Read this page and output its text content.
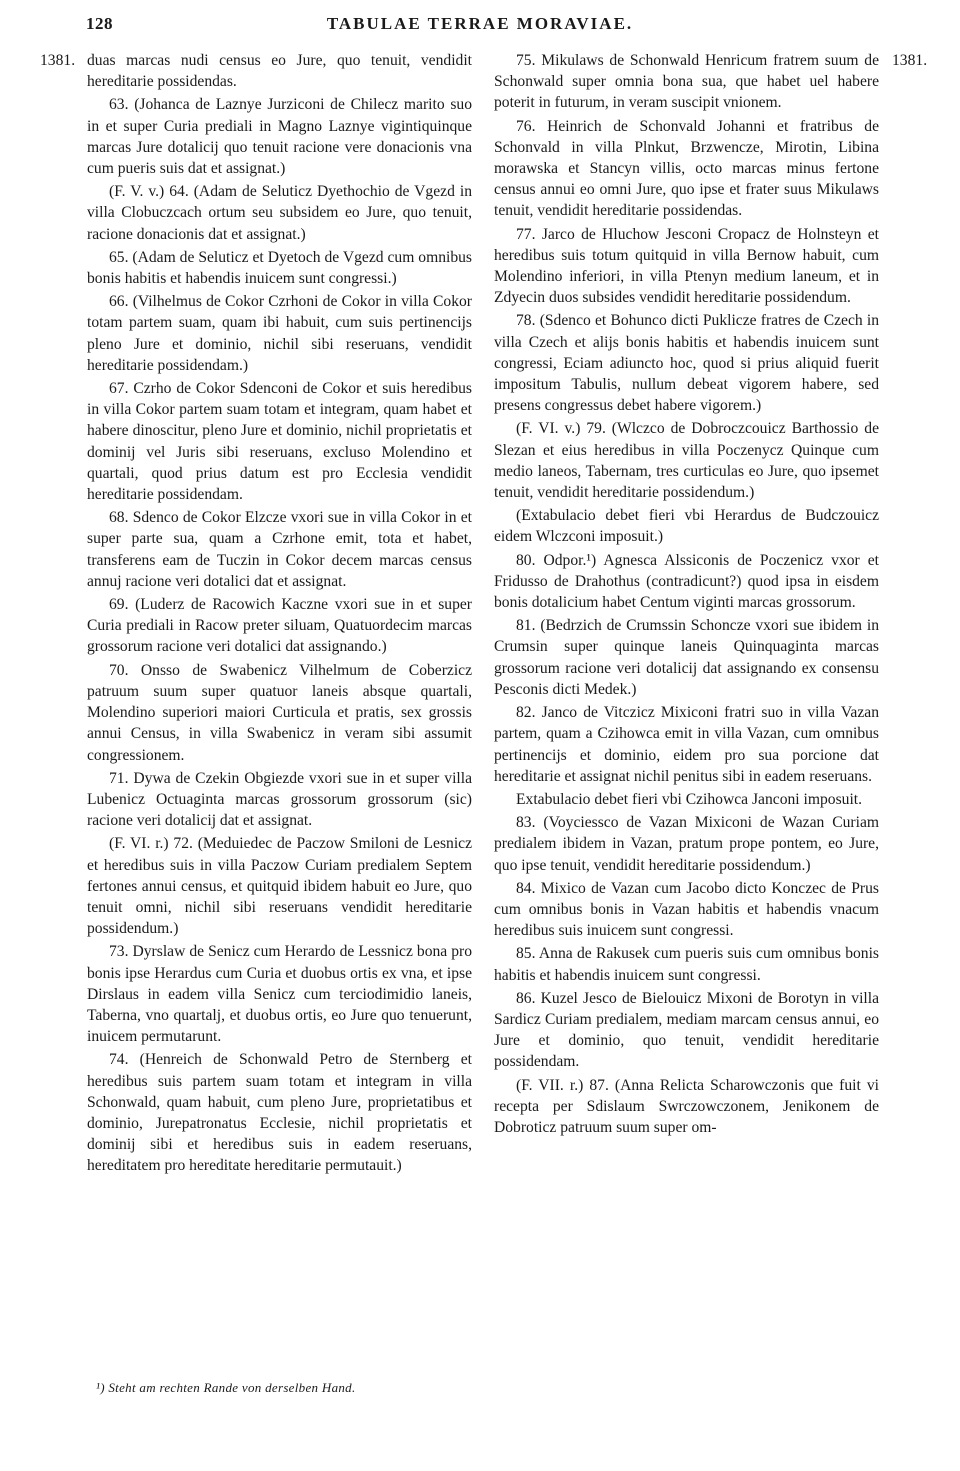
128	TABULAE TERRAE MORAVIAE.
1381.	1381.

duas marcas nudi census eo Jure, quo tenuit, vendidit hereditarie possidendas.

63. (Johanca de Laznye Jurziconi de Chilecz marito suo in et super Curia prediali in Magno Laznye vigintiquinque marcas Jure dotalicij quo tenuit racione vere donacionis vna cum pueris suis dat et assignat.)

(F. V. v.) 64. (Adam de Seluticz Dyethochio de Vgezd in villa Clobuczcach ortum seu subsidem eo Jure, quo tenuit, racione donacionis dat et assignat.)

65. (Adam de Seluticz et Dyetoch de Vgezd cum omnibus bonis habitis et habendis inuicem sunt congressi.)

66. (Vilhelmus de Cokor Czrhoni de Cokor in villa Cokor totam partem suam, quam ibi habuit, cum suis pertinencijs pleno Jure et dominio, nichil sibi reseruans, vendidit hereditarie possidendam.)

67. Czrho de Cokor Sdenconi de Cokor et suis heredibus in villa Cokor partem suam totam et integram, quam habet et habere dinoscitur, pleno Jure et dominio, nichil proprietatis et dominij vel Juris sibi reseruans, excluso Molendino et quartali, quod prius datum est pro Ecclesia vendidit hereditarie possidendam.

68. Sdenco de Cokor Elzcze vxori sue in villa Cokor in et super parte sua, quam a Czrhone emit, tota et habet, transferens eam de Tuczin in Cokor decem marcas census annuj racione veri dotalici dat et assignat.

69. (Luderz de Racowich Kaczne vxori sue in et super Curia prediali in Racow preter siluam, Quatuordecim marcas grossorum racione veri dotalici dat assignando.)

70. Onsso de Swabenicz Vilhelmum de Coberzicz patruum suum super quatuor laneis absque quartali, Molendino superiori maiori Curticula et pratis, sex grossis annui Census, in villa Swabenicz in veram sibi assumit congressionem.

71. Dywa de Czekin Obgiezde vxori sue in et super villa Lubenicz Octuaginta marcas grossorum grossorum (sic) racione veri dotalicij dat et assignat.

(F. VI. r.) 72. (Meduiedec de Paczow Smiloni de Lesnicz et heredibus suis in villa Paczow Curiam predialem Septem fertones annui census, et quitquid ibidem habuit eo Jure, quo tenuit omni, nichil sibi reseruans vendidit hereditarie possidendum.)

73. Dyrslaw de Senicz cum Herardo de Lessnicz bona pro bonis ipse Herardus cum Curia et duobus ortis ex vna, et ipse Dirslaus in eadem villa Senicz cum terciodimidio laneis, Taberna, vno quartalj, et duobus ortis, eo Jure quo tenuerunt, inuicem permutarunt.

74. (Henreich de Schonwald Petro de Sternberg et heredibus suis partem suam totam et integram in villa Schonwald, quam habuit, cum pleno Jure, proprietatibus et dominio, Jurepatronatus Ecclesie, nichil proprietatis et dominij sibi et heredibus suis in eadem reseruans, hereditatem pro hereditate hereditarie permutauit.)

75. Mikulaws de Schonwald Henricum fratrem suum de Schonwald super omnia bona sua, que habet uel habere poterit in futurum, in veram suscipit vnionem.

76. Heinrich de Schonvald Johanni et fratribus de Schonvald in villa Plnkut, Brzwencze, Mirotin, Libina morawska et Stancyn villis, octo marcas minus fertone census annui eo omni Jure, quo ipse et frater suus Mikulaws tenuit, vendidit hereditarie possidendas.

77. Jarco de Hluchow Jesconi Cropacz de Holnsteyn et heredibus suis totum quitquid in villa Bernow habuit, cum Molendino inferiori, in villa Ptenyn medium laneum, et in Zdyecin duos subsides vendidit hereditarie possidendum.

78. (Sdenco et Bohunco dicti Puklicze fratres de Czech in villa Czech et alijs bonis habitis et habendis inuicem sunt congressi, Eciam adiuncto hoc, quod si prius aliquid fuerit impositum Tabulis, nullum debeat vigorem habere, sed presens congressus debet habere vigorem.)

(F. VI. v.) 79. (Wlczco de Dobroczcouicz Barthossio de Slezan et eius heredibus in villa Poczenycz Quinque cum medio laneos, Tabernam, tres curticulas eo Jure, quo ipsemet tenuit, vendidit hereditarie possidendum.)

(Extabulacio debet fieri vbi Herardus de Budczouicz eidem Wlczconi imposuit.)

80. Odpor.¹) Agnesca Alssiconis de Poczenicz vxor et Fridusso de Drahothus (contradicunt?) quod ipsa in eisdem bonis dotalicium habet Centum viginti marcas grossorum.

81. (Bedrzich de Crumssin Schoncze vxori sue ibidem in Crumsin super quinque laneis Quinquaginta marcas grossorum racione veri dotalicij dat assignando ex consensu Pesconis dicti Medek.)

82. Janco de Vitczicz Mixiconi fratri suo in villa Vazan partem, quam a Czihowca emit in villa Vazan, cum omnibus pertinencijs et dominio, eidem pro sua porcione dat hereditarie et assignat nichil penitus sibi in eadem reseruans.

Extabulacio debet fieri vbi Czihowca Janconi imposuit.

83. (Voyciessco de Vazan Mixiconi de Wazan Curiam predialem ibidem in Vazan, pratum prope pontem, eo Jure, quo ipse tenuit, vendidit hereditarie possidendum.)

84. Mixico de Vazan cum Jacobo dicto Konczec de Prus cum omnibus bonis in Vazan habitis et habendis vnacum heredibus suis inuicem sunt congressi.

85. Anna de Rakusek cum pueris suis cum omnibus bonis habitis et habendis inuicem sunt congressi.

86. Kuzel Jesco de Bielouicz Mixoni de Borotyn in villa Sardicz Curiam predialem, mediam marcam census annui, eo Jure et dominio, quo tenuit, vendidit hereditarie possidendam.

(F. VII. r.) 87. (Anna Relicta Scharowczonis que fuit vi recepta per Sdislaum Swrczowczonem, Jenikonem de Dobroticz patruum suum super om-

¹) Steht am rechten Rande von derselben Hand.
